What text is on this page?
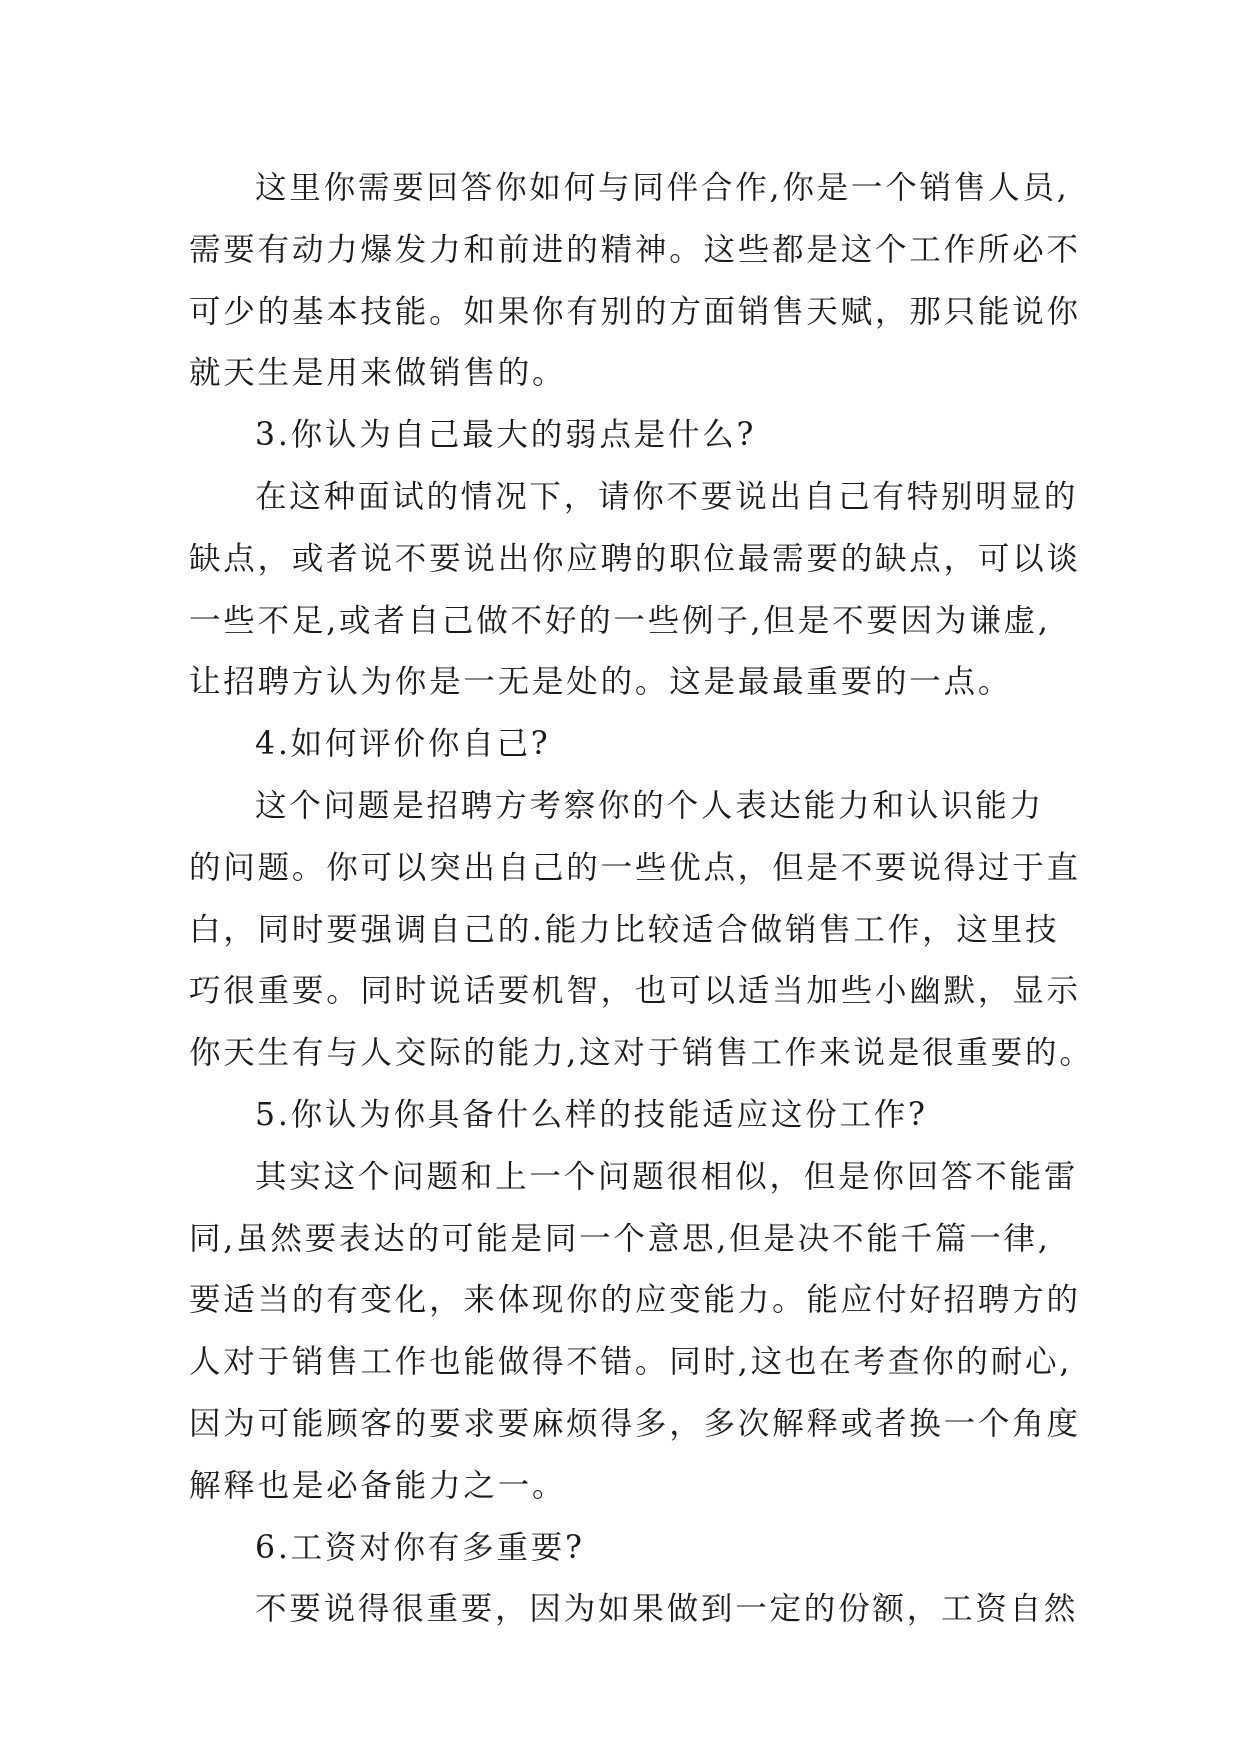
这里你需要回答你如何与同伴合作,你是一个销售人员,
需要有动力爆发力和前进的精神。这些都是这个工作所必不
可少的基本技能。如果你有别的方面销售天赋，那只能说你
就天生是用来做销售的。
3.你认为自己最大的弱点是什么?
在这种面试的情况下，请你不要说出自己有特别明显的
缺点，或者说不要说出你应聘的职位最需要的缺点，可以谈
一些不足,或者自己做不好的一些例子,但是不要因为谦虚,
让招聘方认为你是一无是处的。这是最最重要的一点。
4.如何评价你自己?
这个问题是招聘方考察你的个人表达能力和认识能力
的问题。你可以突出自己的一些优点，但是不要说得过于直
白，同时要强调自己的.能力比较适合做销售工作，这里技
巧很重要。同时说话要机智，也可以适当加些小幽默，显示
你天生有与人交际的能力,这对于销售工作来说是很重要的。
5.你认为你具备什么样的技能适应这份工作?
其实这个问题和上一个问题很相似，但是你回答不能雷
同,虽然要表达的可能是同一个意思,但是决不能千篇一律,
要适当的有变化，来体现你的应变能力。能应付好招聘方的
人对于销售工作也能做得不错。同时,这也在考查你的耐心,
因为可能顾客的要求要麻烦得多，多次解释或者换一个角度
解释也是必备能力之一。
6.工资对你有多重要?
不要说得很重要，因为如果做到一定的份额，工资自然
